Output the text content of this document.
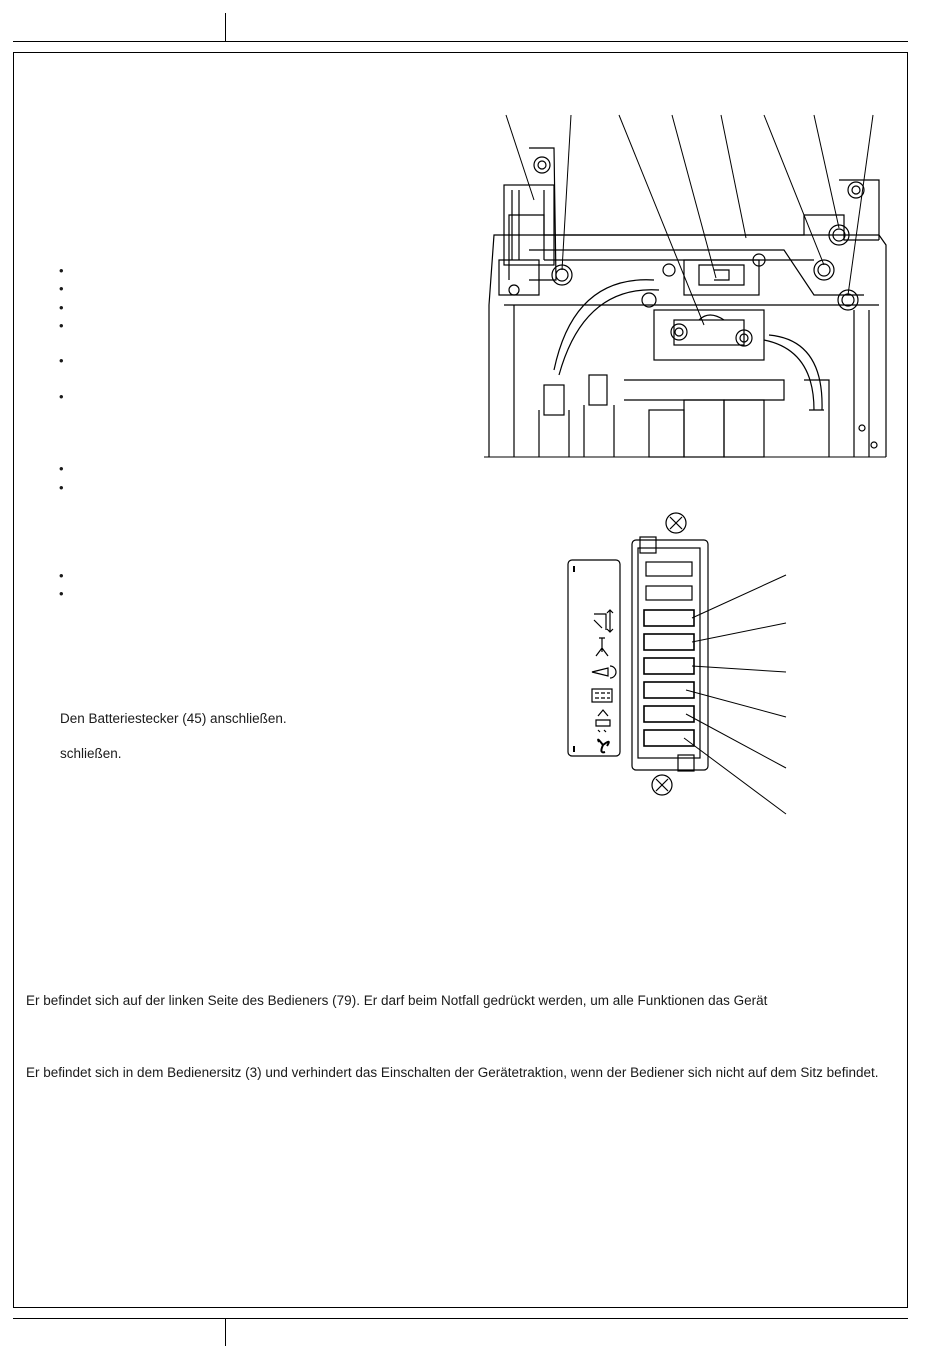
•
•
•
•
•
•
•
•
•
•
Den Batteriestecker (45) anschließen.
schließen.
Er befindet sich auf der linken Seite des Bedieners (79). Er darf beim Notfall gedrückt werden, um alle Funktionen das Gerät
Er befindet sich in dem Bedienersitz (3) und verhindert das Einschalten der Gerätetraktion, wenn der Bediener sich nicht auf dem Sitz befindet.
